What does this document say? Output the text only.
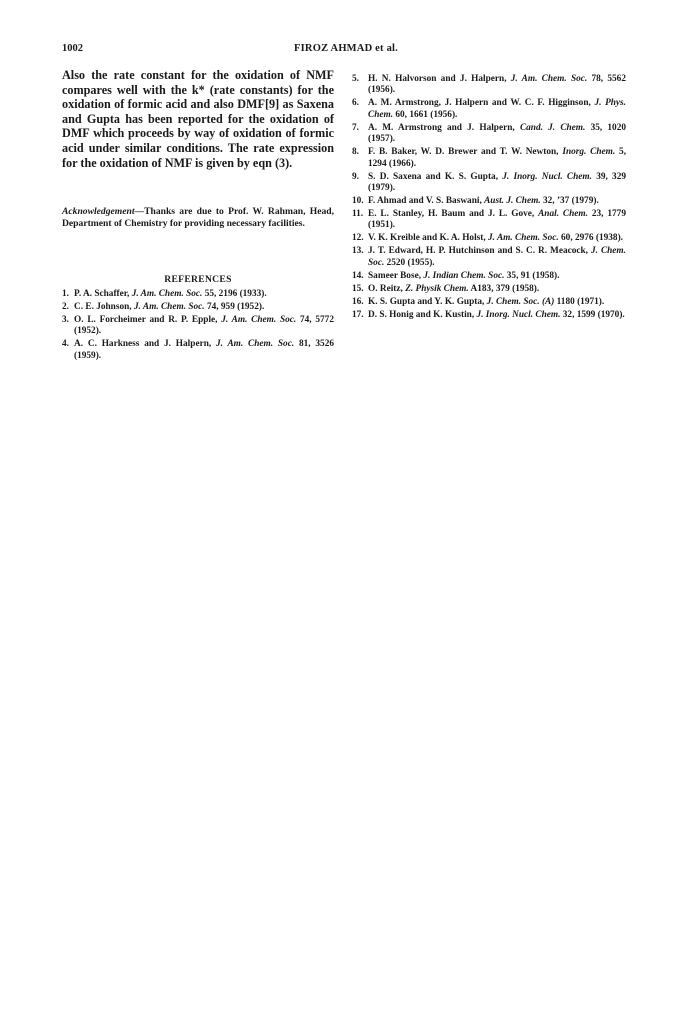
1002	FIROZ AHMAD et al.

Also the rate constant for the oxidation of NMF compares well with the k* (rate constants) for the oxidation of formic acid and also DMF[9] as Saxena and Gupta has been reported for the oxidation of DMF which proceeds by way of oxidation of formic acid under similar conditions. The rate expression for the oxidation of NMF is given by eqn (3).

Acknowledgement—Thanks are due to Prof. W. Rahman, Head, Department of Chemistry for providing necessary facilities.
REFERENCES
1. P. A. Schaffer, J. Am. Chem. Soc. 55, 2196 (1933).
2. C. E. Johnson, J. Am. Chem. Soc. 74, 959 (1952).
3. O. L. Forcheimer and R. P. Epple, J. Am. Chem. Soc. 74, 5772 (1952).
4. A. C. Harkness and J. Halpern, J. Am. Chem. Soc. 81, 3526 (1959).
5. H. N. Halvorson and J. Halpern, J. Am. Chem. Soc. 78, 5562 (1956).
6. A. M. Armstrong, J. Halpern and W. C. F. Higginson, J. Phys. Chem. 60, 1661 (1956).
7. A. M. Armstrong and J. Halpern, Cand. J. Chem. 35, 1020 (1957).
8. F. B. Baker, W. D. Brewer and T. W. Newton, Inorg. Chem. 5, 1294 (1966).
9. S. D. Saxena and K. S. Gupta, J. Inorg. Nucl. Chem. 39, 329 (1979).
10. F. Ahmad and V. S. Baswani, Aust. J. Chem. 32, ’37 (1979).
11. E. L. Stanley, H. Baum and J. L. Gove, Anal. Chem. 23, 1779 (1951).
12. V. K. Kreible and K. A. Holst, J. Am. Chem. Soc. 60, 2976 (1938).
13. J. T. Edward, H. P. Hutchinson and S. C. R. Meacock, J. Chem. Soc. 2520 (1955).
14. Sameer Bose, J. Indian Chem. Soc. 35, 91 (1958).
15. O. Reitz, Z. Physik Chem. A183, 379 (1958).
16. K. S. Gupta and Y. K. Gupta, J. Chem. Soc. (A) 1180 (1971).
17. D. S. Honig and K. Kustin, J. Inorg. Nucl. Chem. 32, 1599 (1970).
